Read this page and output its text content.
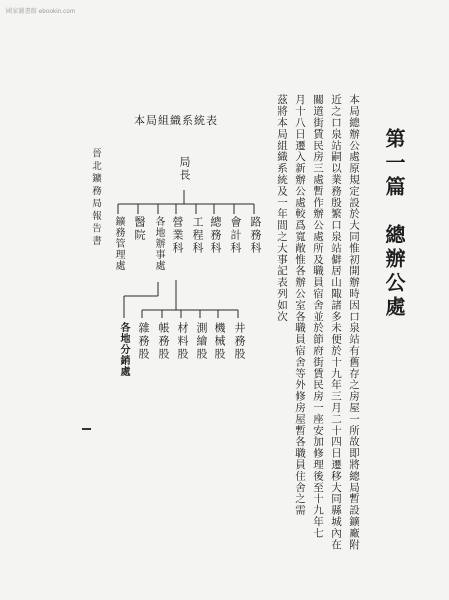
國家圖書館 ebookin.com
第一篇　總辦公處
本局總辦公處原規定設於大同惟初開辦時因口泉站有舊存之房屋一所故即將總局暫設鑛廠附
近之口泉站嗣以業務殷繁口泉站僻居山陬諸多未便於十九年三月二十四日遷移大同縣城內在
關道街賃民房三處暫作辦公處所及職員宿舍並於節府街賃民房一座安加修理後至十九年七
月十八日遷入新辦公處較爲寬敞惟各辦公室各職員宿舍等外修房屋暫各職員住舍之需
茲將本局組織系統及一年間之大事記表列如次
本局組織系統表
局長
路務科
會計科
總務科
工程科
營業科
各地辦事處
醫院
鑛務管理處
井務股
機械股
測繪股
材料股
帳務股
雜務股
各地分銷處
晉北鑛務局報告書
